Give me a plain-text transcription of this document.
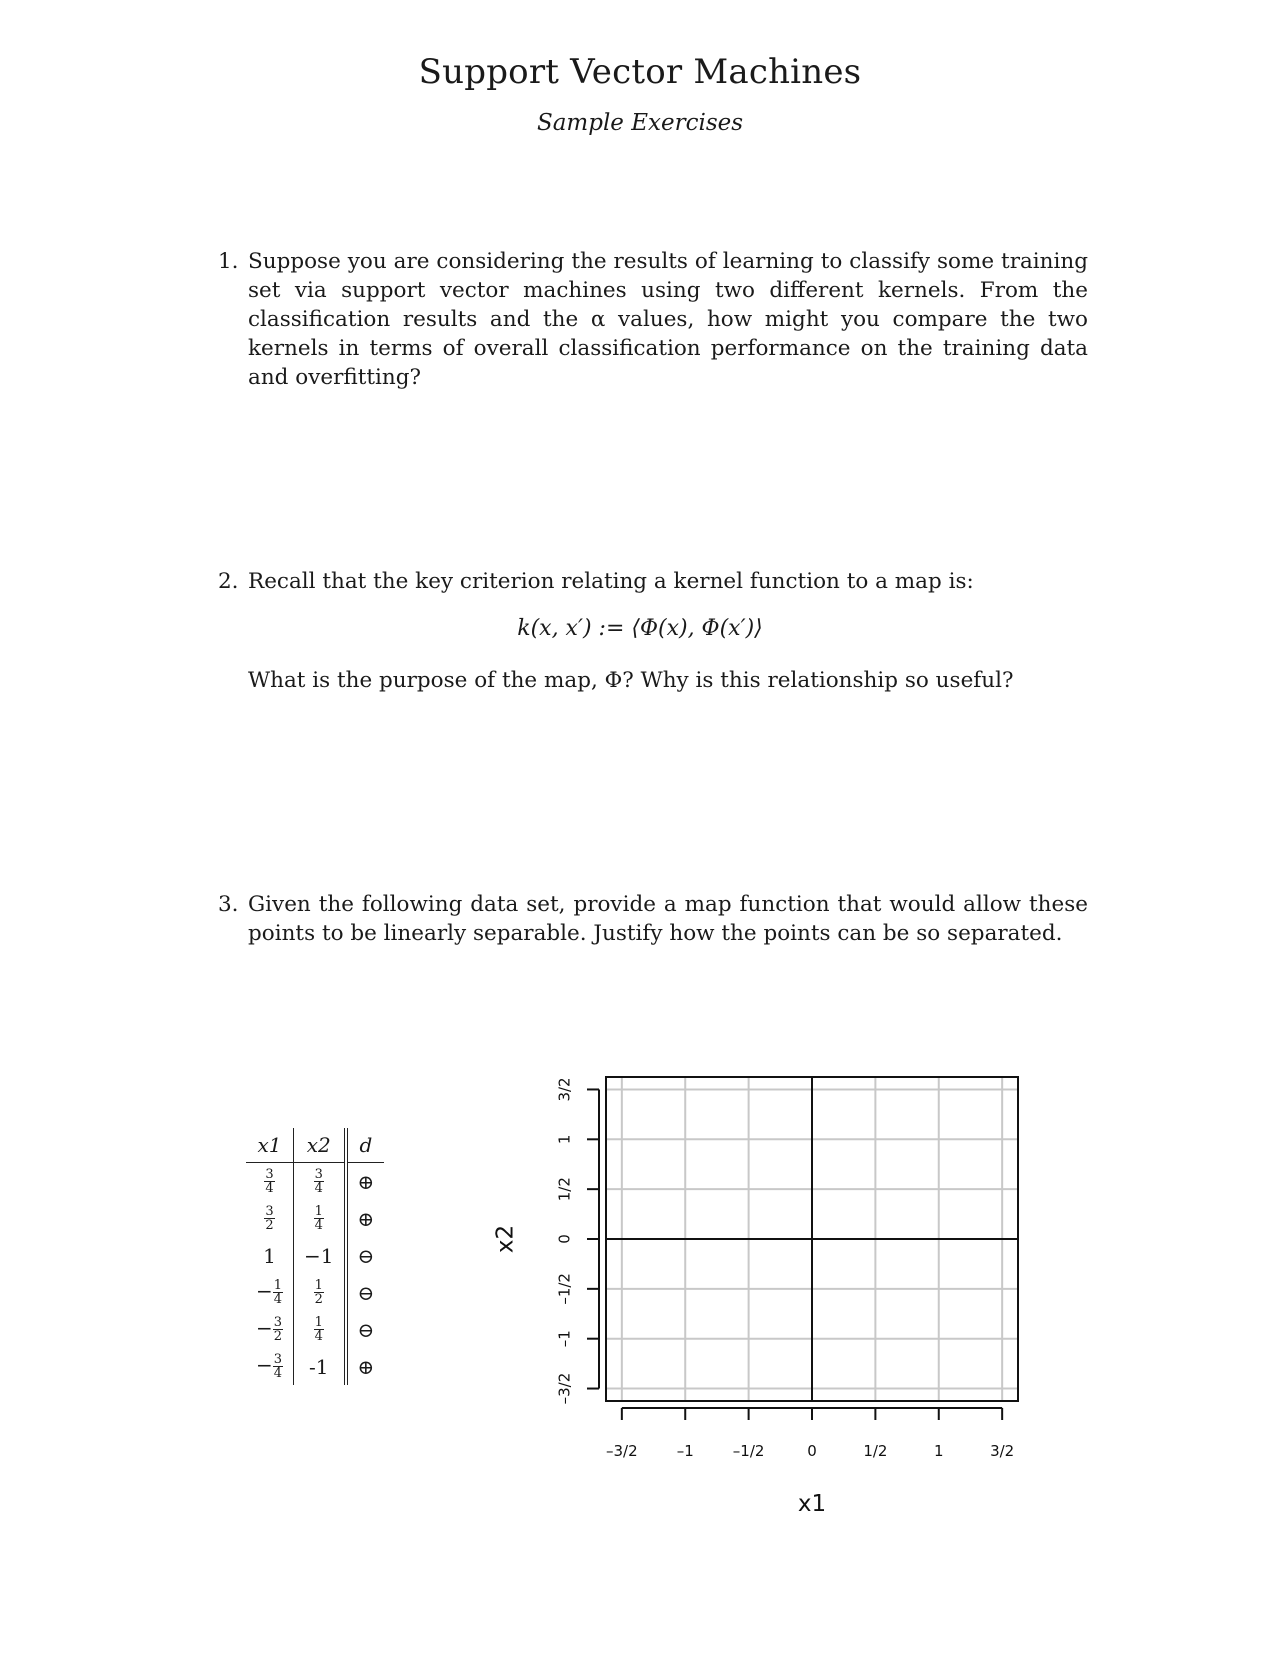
Support Vector Machines
Sample Exercises
1. Suppose you are considering the results of learning to classify some training set via support vector machines using two different kernels. From the classification results and the α values, how might you compare the two kernels in terms of overall classification performance on the training data and overfitting?
2. Recall that the key criterion relating a kernel function to a map is:
k(x, x′) := ⟨Φ(x), Φ(x′)⟩
What is the purpose of the map, Φ? Why is this relationship so useful?
3. Given the following data set, provide a map function that would allow these points to be linearly separable. Justify how the points can be so separated.
x1	x2	d

$\frac{3}{4}$	$\frac{3}{4}$	⊕

$\frac{3}{2}$	$\frac{1}{4}$	⊕
1	−1	⊖
− $\frac{1}{4}$	$\frac{1}{2}$	⊖
− $\frac{3}{2}$	$\frac{1}{4}$	⊖
− $\frac{3}{4}$	-1	⊕
–3/2	–1	–1/2	0	1/2	1	3/2
–3/2
–1
–1/2
0
1/2
1
3/2
x1
x2
